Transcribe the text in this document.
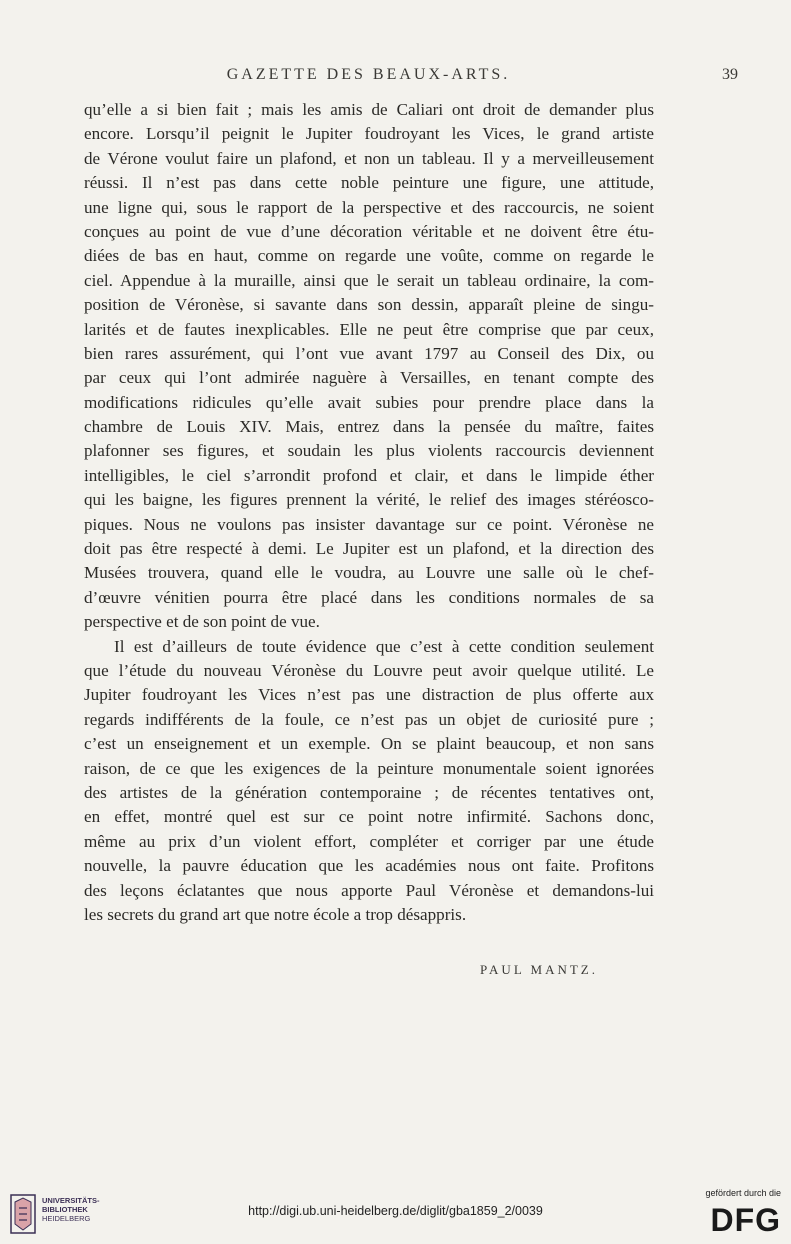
GAZETTE DES BEAUX-ARTS.	39
qu’elle a si bien fait ; mais les amis de Caliari ont droit de demander plus
encore. Lorsqu’il peignit le Jupiter foudroyant les Vices, le grand artiste
de Vérone voulut faire un plafond, et non un tableau. Il y a merveilleusement
réussi. Il n’est pas dans cette noble peinture une figure, une attitude,
une ligne qui, sous le rapport de la perspective et des raccourcis, ne soient
conçues au point de vue d’une décoration véritable et ne doivent être étu-
diées de bas en haut, comme on regarde une voûte, comme on regarde le
ciel. Appendue à la muraille, ainsi que le serait un tableau ordinaire, la com-
position de Véronèse, si savante dans son dessin, apparaît pleine de singu-
larités et de fautes inexplicables. Elle ne peut être comprise que par ceux,
bien rares assurément, qui l’ont vue avant 1797 au Conseil des Dix, ou
par ceux qui l’ont admirée naguère à Versailles, en tenant compte des
modifications ridicules qu’elle avait subies pour prendre place dans la
chambre de Louis XIV. Mais, entrez dans la pensée du maître, faites
plafonner ses figures, et soudain les plus violents raccourcis deviennent
intelligibles, le ciel s’arrondit profond et clair, et dans le limpide éther
qui les baigne, les figures prennent la vérité, le relief des images stéréosco-
piques. Nous ne voulons pas insister davantage sur ce point. Véronèse ne
doit pas être respecté à demi. Le Jupiter est un plafond, et la direction des
Musées trouvera, quand elle le voudra, au Louvre une salle où le chef-
d’œuvre vénitien pourra être placé dans les conditions normales de sa
perspective et de son point de vue.
Il est d’ailleurs de toute évidence que c’est à cette condition seulement
que l’étude du nouveau Véronèse du Louvre peut avoir quelque utilité. Le
Jupiter foudroyant les Vices n’est pas une distraction de plus offerte aux
regards indifférents de la foule, ce n’est pas un objet de curiosité pure ;
c’est un enseignement et un exemple. On se plaint beaucoup, et non sans
raison, de ce que les exigences de la peinture monumentale soient ignorées
des artistes de la génération contemporaine ; de récentes tentatives ont,
en effet, montré quel est sur ce point notre infirmité. Sachons donc,
même au prix d’un violent effort, compléter et corriger par une étude
nouvelle, la pauvre éducation que les académies nous ont faite. Profitons
des leçons éclatantes que nous apporte Paul Véronèse et demandons-lui
les secrets du grand art que notre école a trop désappris.
PAUL MANTZ.
UNIVERSITÄTS-
BIBLIOTHEK
HEIDELBERG
http://digi.ub.uni-heidelberg.de/diglit/gba1859_2/0039
gefördert durch die
DFG
